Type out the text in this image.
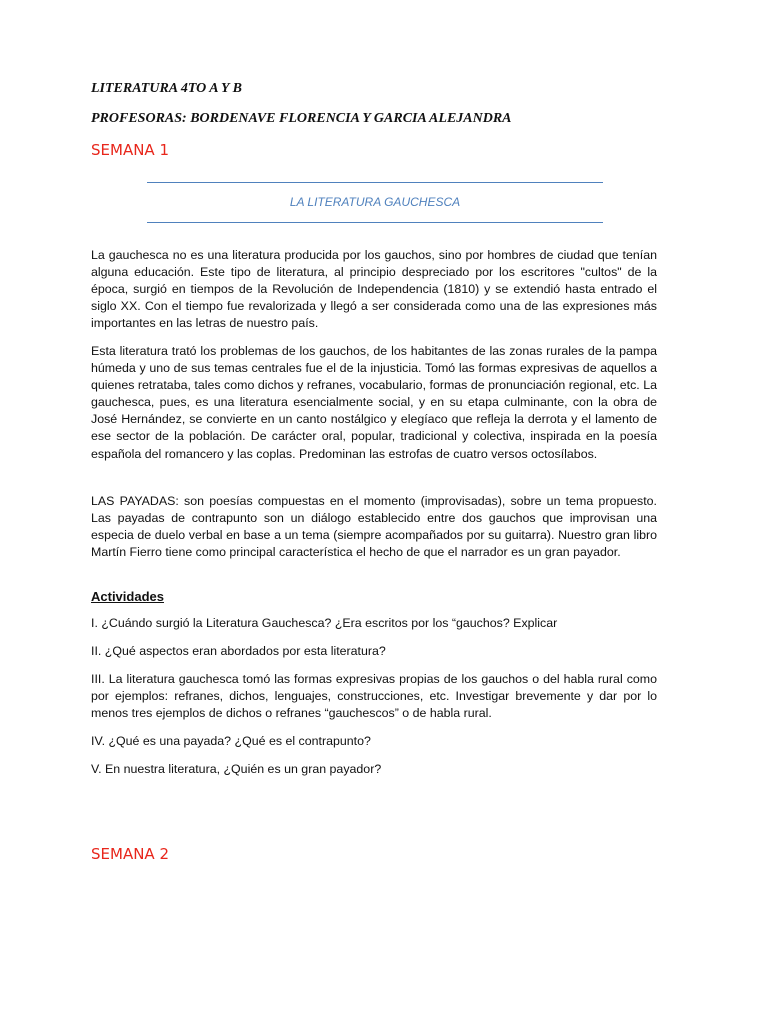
LITERATURA 4TO A Y B
PROFESORAS: BORDENAVE FLORENCIA Y GARCIA ALEJANDRA
SEMANA 1
LA LITERATURA GAUCHESCA

La gauchesca no es una literatura producida por los gauchos, sino por hombres de ciudad que tenían alguna educación. Este tipo de literatura, al principio despreciado por los escritores "cultos" de la época, surgió en tiempos de la Revolución de Independencia (1810) y se extendió hasta entrado el siglo XX. Con el tiempo fue revalorizada y llegó a ser considerada como una de las expresiones más importantes en las letras de nuestro país.

Esta literatura trató los problemas de los gauchos, de los habitantes de las zonas rurales de la pampa húmeda y uno de sus temas centrales fue el de la injusticia. Tomó las formas expresivas de aquellos a quienes retrataba, tales como dichos y refranes, vocabulario, formas de pronunciación regional, etc. La gauchesca, pues, es una literatura esencialmente social, y en su etapa culminante, con la obra de José Hernández, se convierte en un canto nostálgico y elegíaco que refleja la derrota y el lamento de ese sector de la población. De carácter oral, popular, tradicional y colectiva, inspirada en la poesía española del romancero y las coplas. Predominan las estrofas de cuatro versos octosílabos.

LAS PAYADAS: son poesías compuestas en el momento (improvisadas), sobre un tema propuesto. Las payadas de contrapunto son un diálogo establecido entre dos gauchos que improvisan una especia de duelo verbal en base a un tema (siempre acompañados por su guitarra). Nuestro gran libro Martín Fierro tiene como principal característica el hecho de que el narrador es un gran payador.

Actividades

I. ¿Cuándo surgió la Literatura Gauchesca? ¿Era escritos por los “gauchos? Explicar

II. ¿Qué aspectos eran abordados por esta literatura?

III. La literatura gauchesca tomó las formas expresivas propias de los gauchos o del habla rural como por ejemplos: refranes, dichos, lenguajes, construcciones, etc. Investigar brevemente y dar por lo menos tres ejemplos de dichos o refranes “gauchescos” o de habla rural.

IV. ¿Qué es una payada? ¿Qué es el contrapunto?

V. En nuestra literatura, ¿Quién es un gran payador?

SEMANA 2
